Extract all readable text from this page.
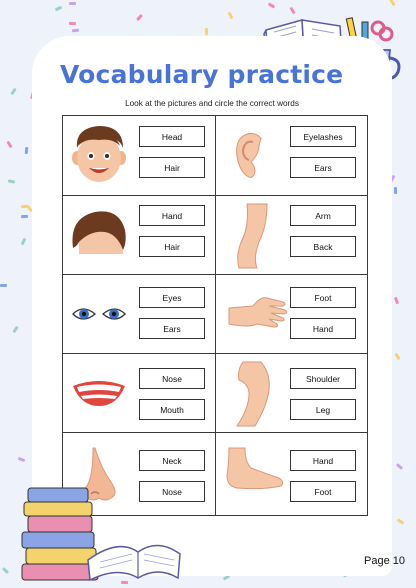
Vocabulary practice
Look at the pictures and circle the correct words
Head
Hair
Eyelashes
Ears
Hand
Hair
Arm
Back
Eyes
Ears
Foot
Hand
Nose
Mouth
Shoulder
Leg
Neck
Nose
Hand
Foot
Page 10
